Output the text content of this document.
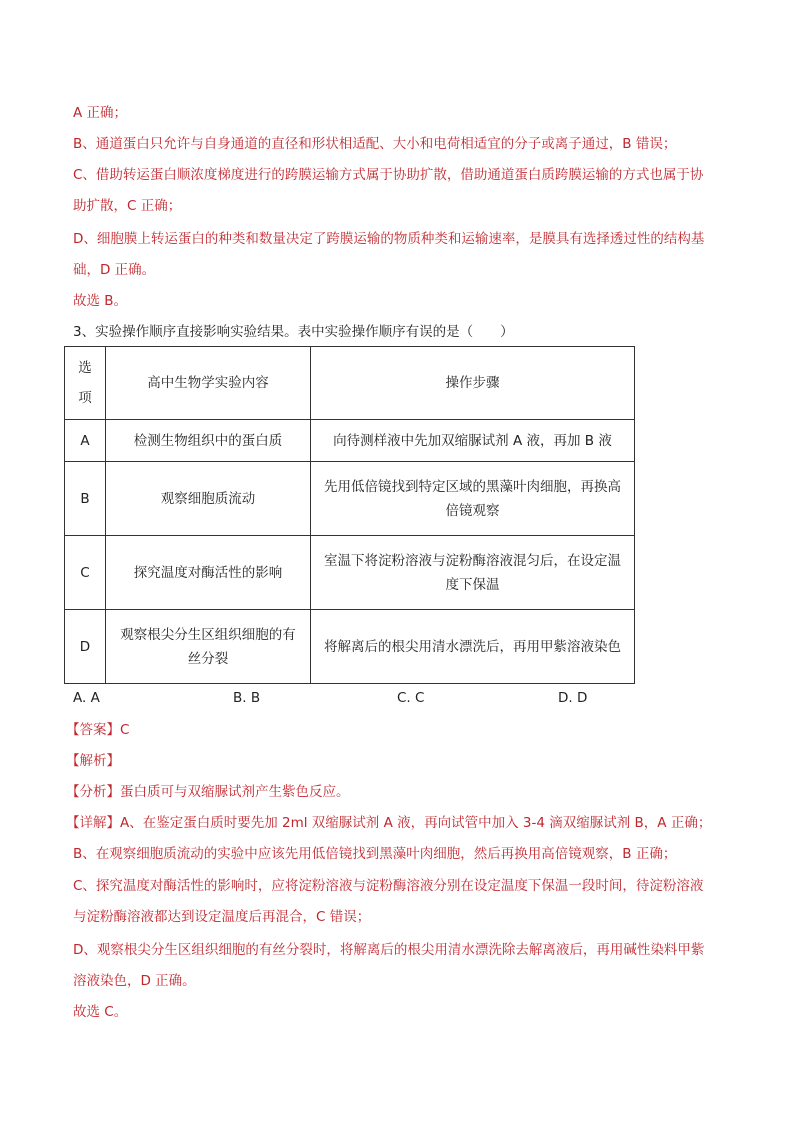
A 正确；
B、通道蛋白只允许与自身通道的直径和形状相适配、大小和电荷相适宜的分子或离子通过，B 错误；
C、借助转运蛋白顺浓度梯度进行的跨膜运输方式属于协助扩散，借助通道蛋白质跨膜运输的方式也属于协
助扩散，C 正确；
D、细胞膜上转运蛋白的种类和数量决定了跨膜运输的物质种类和运输速率，是膜具有选择透过性的结构基
础，D 正确。
故选 B。
3、实验操作顺序直接影响实验结果。表中实验操作顺序有误的是（　　）
选项	高中生物学实验内容	操作步骤
A	检测生物组织中的蛋白质	向待测样液中先加双缩脲试剂 A 液，再加 B 液
B	观察细胞质流动	先用低倍镜找到特定区域的黑藻叶肉细胞，再换高倍镜观察
C	探究温度对酶活性的影响	室温下将淀粉溶液与淀粉酶溶液混匀后，在设定温度下保温
D	观察根尖分生区组织细胞的有丝分裂	将解离后的根尖用清水漂洗后，再用甲紫溶液染色
A. A	B. B	C. C	D. D
【答案】C
【解析】
【分析】蛋白质可与双缩脲试剂产生紫色反应。
【详解】A、在鉴定蛋白质时要先加 2ml 双缩脲试剂 A 液，再向试管中加入 3-4 滴双缩脲试剂 B，A 正确；
B、在观察细胞质流动的实验中应该先用低倍镜找到黑藻叶肉细胞，然后再换用高倍镜观察，B 正确；
C、探究温度对酶活性的影响时，应将淀粉溶液与淀粉酶溶液分别在设定温度下保温一段时间，待淀粉溶液
与淀粉酶溶液都达到设定温度后再混合，C 错误；
D、观察根尖分生区组织细胞的有丝分裂时，将解离后的根尖用清水漂洗除去解离液后，再用碱性染料甲紫
溶液染色，D 正确。
故选 C。
